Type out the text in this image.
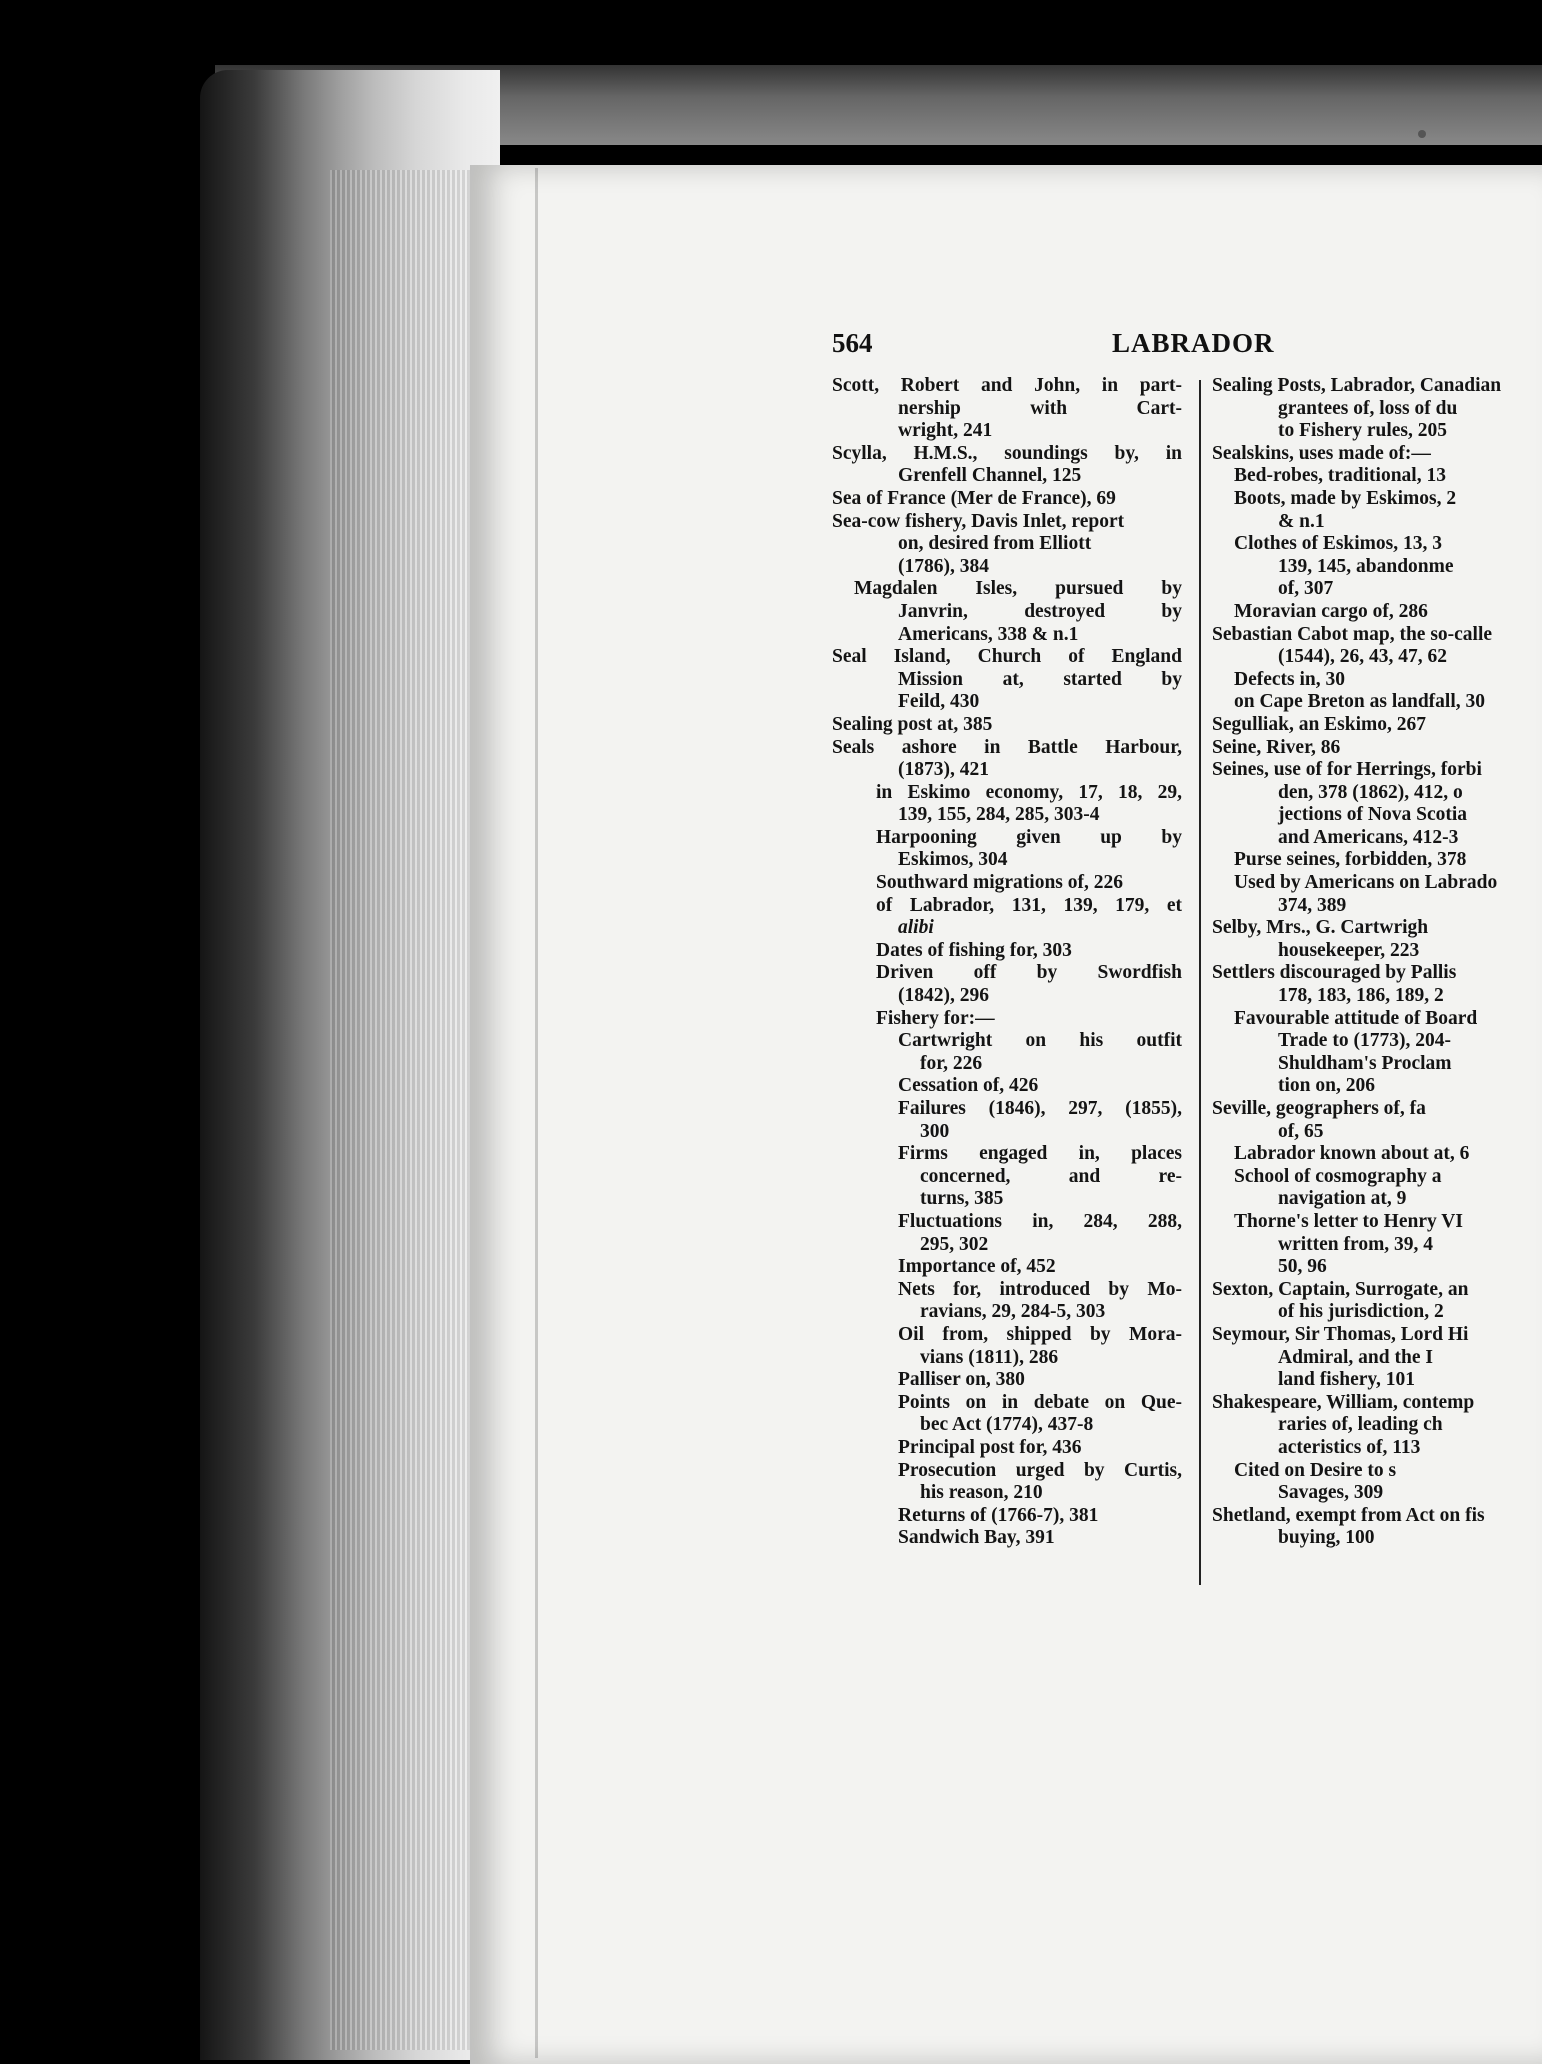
564	LABRADOR
Scott, Robert and John, in part-
nership with Cart-
wright, 241
Scylla, H.M.S., soundings by, in
Grenfell Channel, 125
Sea of France (Mer de France), 69
Sea-cow fishery, Davis Inlet, report
on, desired from Elliott
(1786), 384
Magdalen Isles, pursued by
Janvrin, destroyed by
Americans, 338 & n.1
Seal Island, Church of England
Mission at, started by
Feild, 430
Sealing post at, 385
Seals ashore in Battle Harbour,
(1873), 421
in Eskimo economy, 17, 18, 29,
139, 155, 284, 285, 303-4
Harpooning given up by
Eskimos, 304
Southward migrations of, 226
of Labrador, 131, 139, 179, et
alibi
Dates of fishing for, 303
Driven off by Swordfish
(1842), 296
Fishery for:—
Cartwright on his outfit
for, 226
Cessation of, 426
Failures (1846), 297, (1855),
300
Firms engaged in, places
concerned, and re-
turns, 385
Fluctuations in, 284, 288,
295, 302
Importance of, 452
Nets for, introduced by Mo-
ravians, 29, 284-5, 303
Oil from, shipped by Mora-
vians (1811), 286
Palliser on, 380
Points on in debate on Que-
bec Act (1774), 437-8
Principal post for, 436
Prosecution urged by Curtis,
his reason, 210
Returns of (1766-7), 381
Sandwich Bay, 391
Sealing Posts, Labrador, Canadian
grantees of, loss of du
to Fishery rules, 205
Sealskins, uses made of:—
Bed-robes, traditional, 13
Boots, made by Eskimos, 2
& n.1
Clothes of Eskimos, 13, 3
139, 145, abandonme
of, 307
Moravian cargo of, 286
Sebastian Cabot map, the so-calle
(1544), 26, 43, 47, 62
Defects in, 30
on Cape Breton as landfall, 30
Segulliak, an Eskimo, 267
Seine, River, 86
Seines, use of for Herrings, forbi
den, 378 (1862), 412, o
jections of Nova Scotia
and Americans, 412-3
Purse seines, forbidden, 378
Used by Americans on Labrado
374, 389
Selby, Mrs., G. Cartwrigh
housekeeper, 223
Settlers discouraged by Pallis
178, 183, 186, 189, 2
Favourable attitude of Board
Trade to (1773), 204-
Shuldham's Proclam
tion on, 206
Seville, geographers of, fa
of, 65
Labrador known about at, 6
School of cosmography a
navigation at, 9
Thorne's letter to Henry VI
written from, 39, 4
50, 96
Sexton, Captain, Surrogate, an
of his jurisdiction, 2
Seymour, Sir Thomas, Lord Hi
Admiral, and the I
land fishery, 101
Shakespeare, William, contemp
raries of, leading ch
acteristics of, 113
Cited on Desire to s
Savages, 309
Shetland, exempt from Act on fis
buying, 100
